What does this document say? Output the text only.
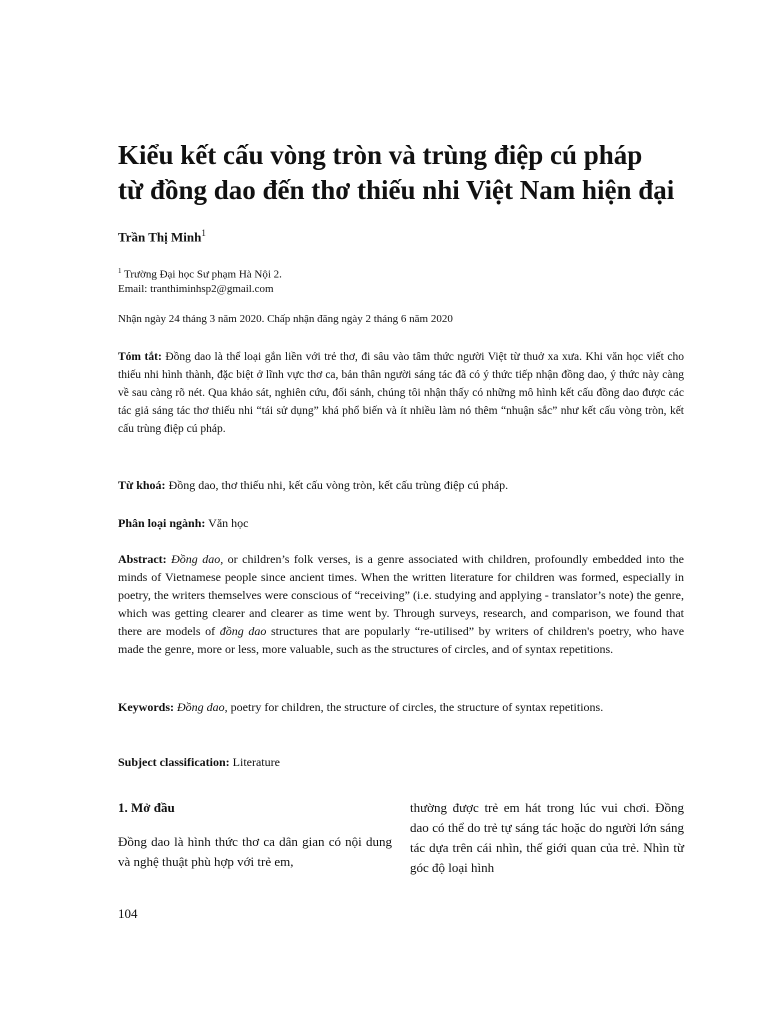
Kiểu kết cấu vòng tròn và trùng điệp cú pháp
từ đồng dao đến thơ thiếu nhi Việt Nam hiện đại

Trần Thị Minh$^1$

$^1$ Trường Đại học Sư phạm Hà Nội 2.
Email: tranthiminhsp2@gmail.com

Nhận ngày 24 tháng 3 năm 2020. Chấp nhận đăng ngày 2 tháng 6 năm 2020

Tóm tắt: Đồng dao là thể loại gắn liền với trẻ thơ, đi sâu vào tâm thức người Việt từ thuở xa xưa. Khi văn học viết cho thiếu nhi hình thành, đặc biệt ở lĩnh vực thơ ca, bản thân người sáng tác đã có ý thức tiếp nhận đồng dao, ý thức này càng về sau càng rõ nét. Qua khảo sát, nghiên cứu, đối sánh, chúng tôi nhận thấy có những mô hình kết cấu đồng dao được các tác giả sáng tác thơ thiếu nhi “tái sử dụng” khá phổ biến và ít nhiều làm nó thêm “nhuận sắc” như kết cấu vòng tròn, kết cấu trùng điệp cú pháp.

Từ khoá: Đồng dao, thơ thiếu nhi, kết cấu vòng tròn, kết cấu trùng điệp cú pháp.

Phân loại ngành: Văn học

Abstract: Đồng dao, or children’s folk verses, is a genre associated with children, profoundly embedded into the minds of Vietnamese people since ancient times. When the written literature for children was formed, especially in poetry, the writers themselves were conscious of “receiving” (i.e. studying and applying - translator’s note) the genre, which was getting clearer and clearer as time went by. Through surveys, research, and comparison, we found that there are models of đồng dao structures that are popularly “re-utilised” by writers of children's poetry, who have made the genre, more or less, more valuable, such as the structures of circles, and of syntax repetitions.

Keywords: Đồng dao, poetry for children, the structure of circles, the structure of syntax repetitions.

Subject classification: Literature

1. Mở đầu
Đồng dao là hình thức thơ ca dân gian có nội dung và nghệ thuật phù hợp với trẻ em,
thường được trẻ em hát trong lúc vui chơi. Đồng dao có thể do trẻ tự sáng tác hoặc do người lớn sáng tác dựa trên cái nhìn, thế giới quan của trẻ. Nhìn từ góc độ loại hình

104
